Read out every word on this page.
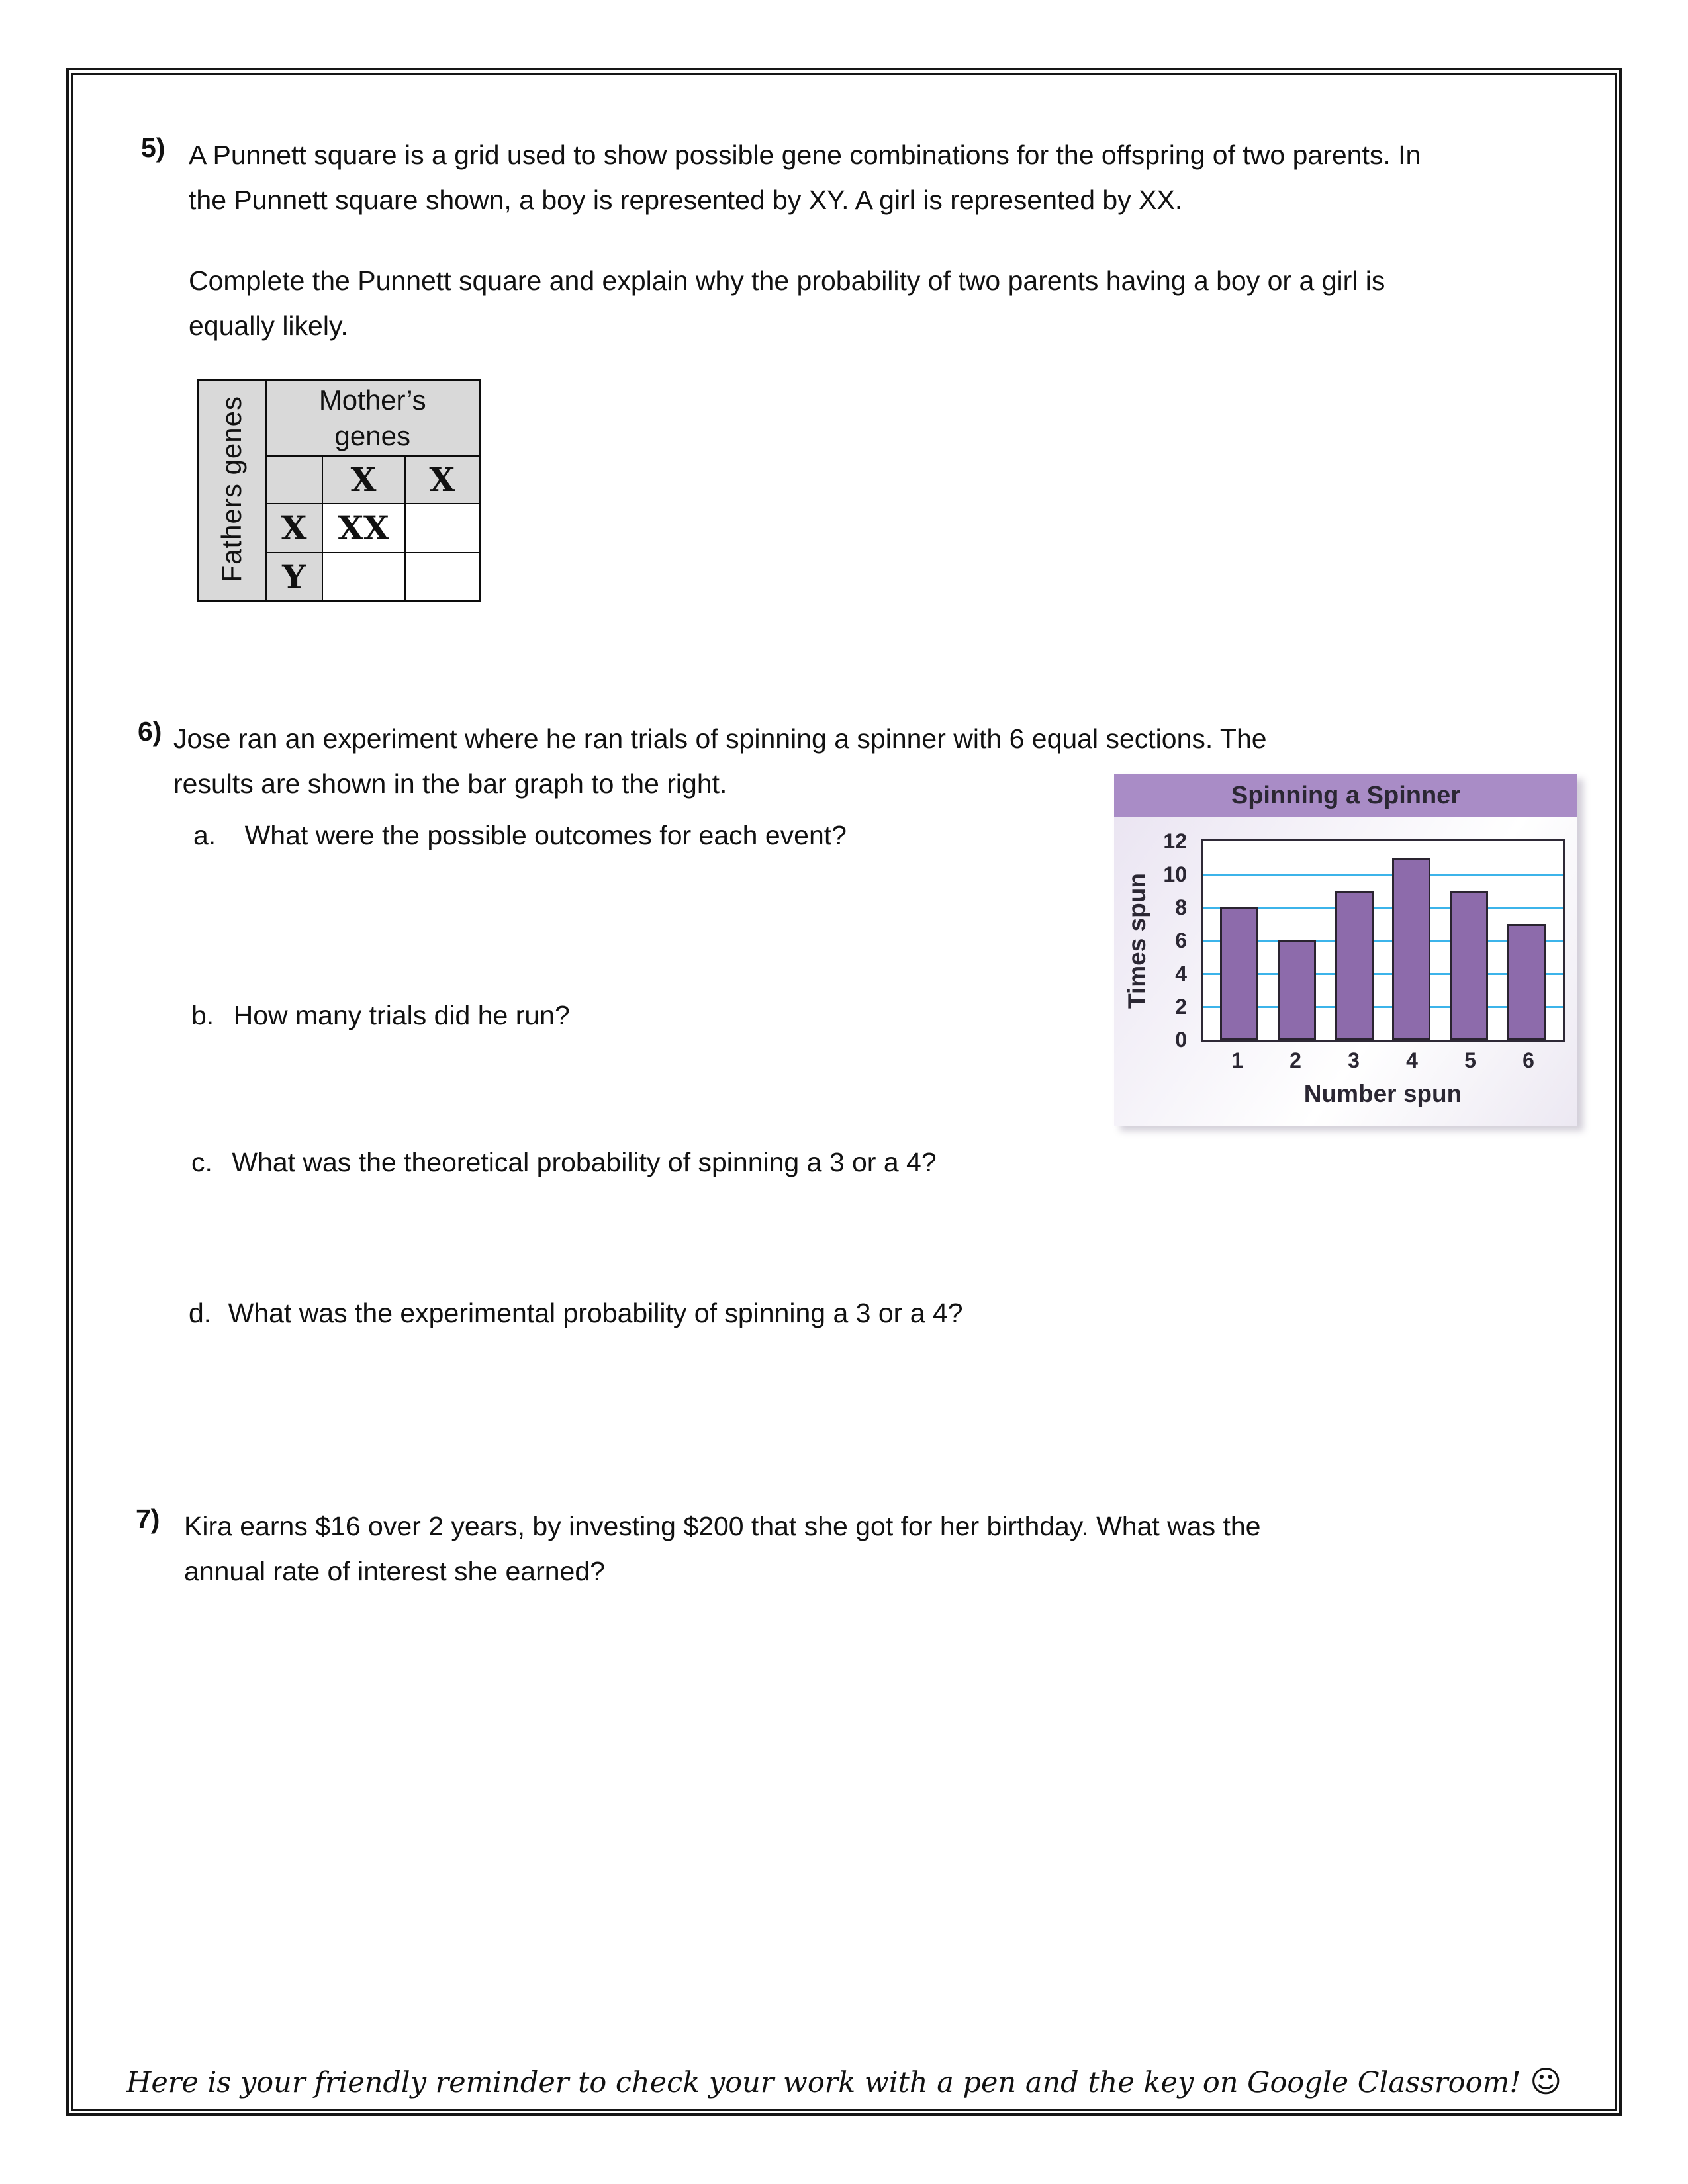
5) A Punnett square is a grid used to show possible gene combinations for the offspring of two parents. In
the Punnett square shown, a boy is represented by XY. A girl is represented by XX.
Complete the Punnett square and explain why the probability of two parents having a boy or a girl is
equally likely.
Fathers genes	Mother’s
genes		

		X	X
	X	XX	
	Y		
6) Jose ran an experiment where he ran trials of spinning a spinner with 6 equal sections. The
results are shown in the bar graph to the right.
a. What were the possible outcomes for each event?
b. How many trials did he run?
c. What was the theoretical probability of spinning a 3 or a 4?
d. What was the experimental probability of spinning a 3 or a 4?
Spinning a Spinner
Times spun
0
2
4
6
8
10
12
1	2	3	4	5	6
Number spun
7) Kira earns $16 over 2 years, by investing $200 that she got for her birthday. What was the
annual rate of interest she earned?
Here is your friendly reminder to check your work with a pen and the key on Google Classroom! ☺
